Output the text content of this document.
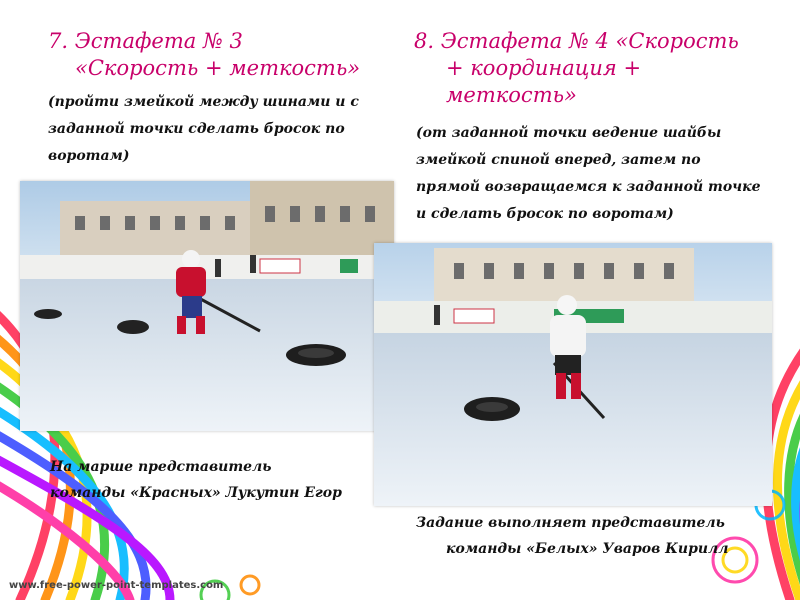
7. Эстафета № 3

«Скорость + меткость»

(пройти змейкой между шинами и с

заданной точки сделать бросок по

воротам)

8. Эстафета № 4 «Скорость

+ координация +

меткость»

(от заданной точки ведение шайбы

змейкой спиной вперед, затем по

прямой возвращаемся к заданной точке

и сделать бросок по воротам)

На марше представитель

команды «Красных» Лукутин Егор

Задание выполняет представитель

команды «Белых» Уваров Кирилл

www.free-power-point-templates.com
